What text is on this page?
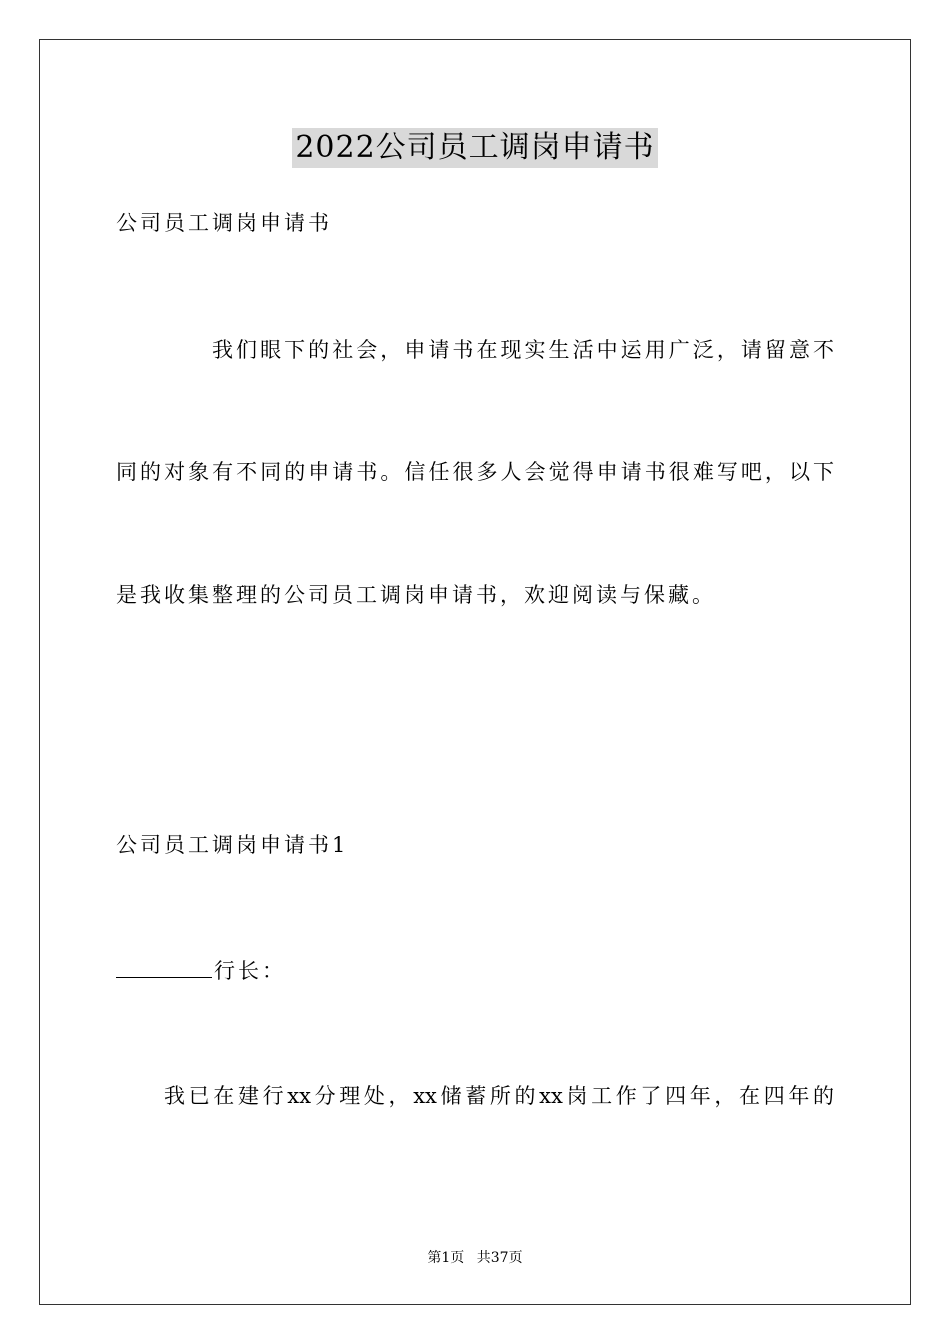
2022公司员工调岗申请书
公司员工调岗申请书
我们眼下的社会，申请书在现实生活中运用广泛，请留意不
同的对象有不同的申请书。信任很多人会觉得申请书很难写吧，以下
是我收集整理的公司员工调岗申请书，欢迎阅读与保藏。
公司员工调岗申请书1
行长：
我已在建行xx分理处，xx储蓄所的xx岗工作了四年，在四年的
第1页 共37页
